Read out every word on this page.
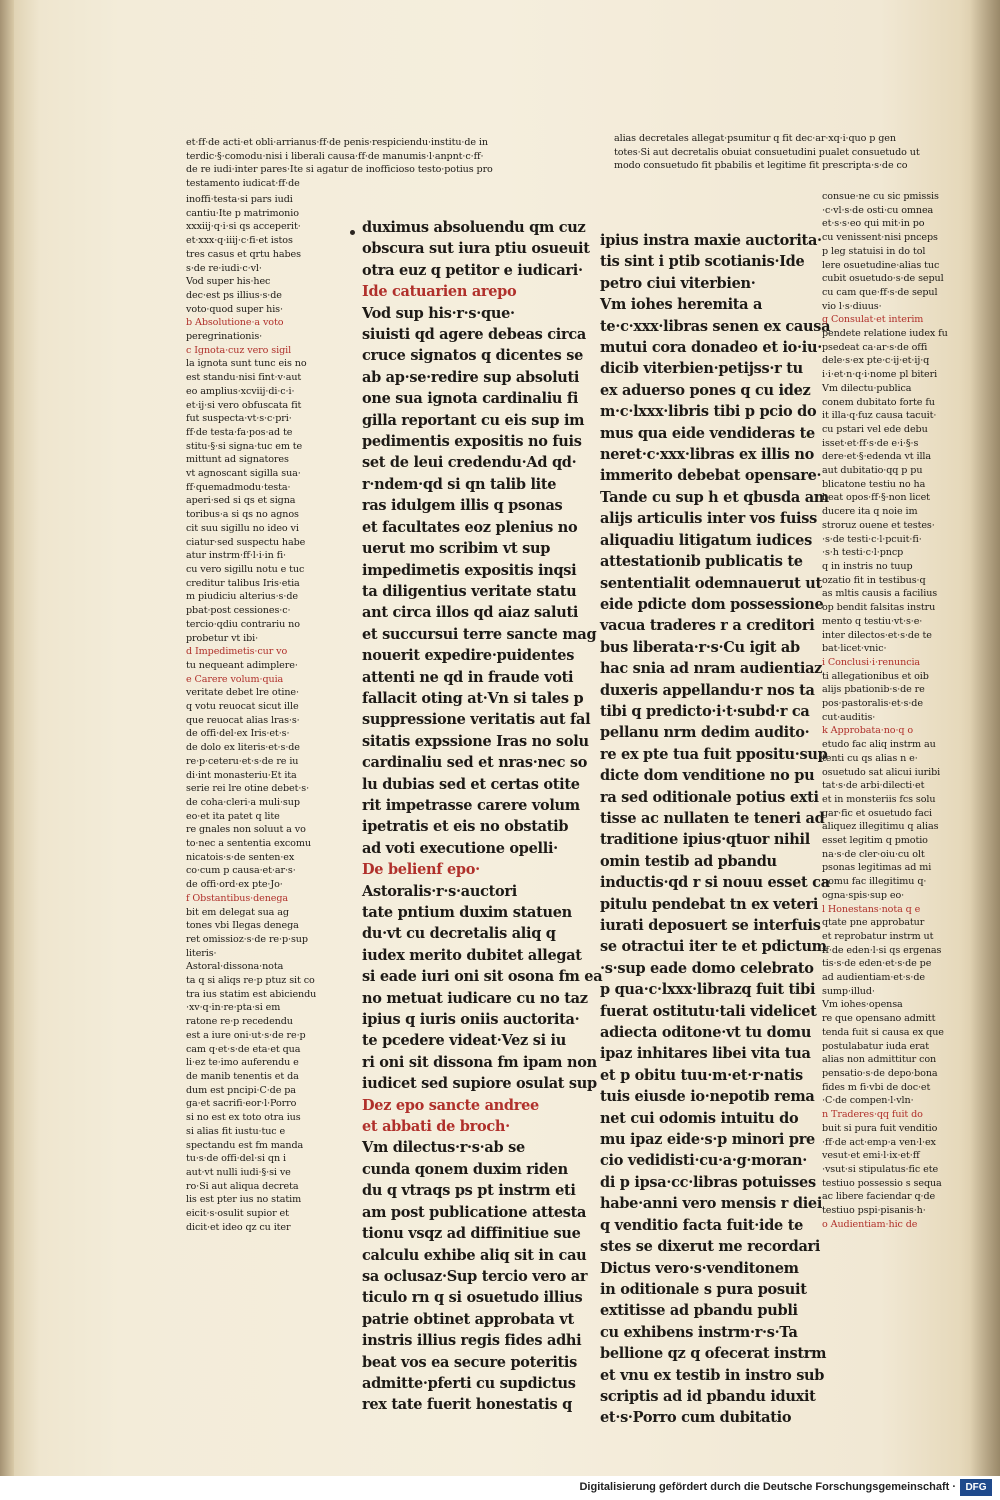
et·ff·de acti·et obli·arrianus·ff·de penis·respiciendu·institu·de in

terdic·§·comodu·nisi i liberali causa·ff·de manumis·l·anpnt·c·ff·

de re iudi·inter pares·Ite si agatur de inofficioso testo·potius pro

testamento iudicat·ff·de

alias decretales allegat·psumitur q fit dec·ar·xq·i·quo p gen

totes·Si aut decretalis obuiat consuetudini pualet consuetudo ut

modo consuetudo fit pbabilis et legitime fit prescripta·s·de co

inoffi·testa·si pars iudi

cantiu·Ite p matrimonio

xxxiij·q·i·si qs acceperit·

et·xxx·q·iiij·c·fi·et istos

tres casus et qrtu habes

s·de re·iudi·c·vl·

Vod super his·hec

dec·est ps illius·s·de

voto·quod super his·

b Absolutione·a voto

peregrinationis·

c Ignota·cuz vero sigil

la ignota sunt tunc eis no

est standu·nisi fint·v·aut

eo amplius·xcviij·di·c·i·

et·ij·si vero obfuscata fit

fut suspecta·vt·s·c·pri·

ff·de testa·fa·pos·ad te

stitu·§·si signa·tuc em te

mittunt ad signatores

vt agnoscant sigilla sua·

ff·quemadmodu·testa·

aperi·sed si qs et signa

toribus·a si qs no agnos

cit suu sigillu no ideo vi

ciatur·sed suspectu habe

atur instrm·ff·l·i·in fi·

cu vero sigillu notu e tuc

creditur talibus Iris·etia

m piudiciu alterius·s·de

pbat·post cessiones·c·

tercio·qdiu contrariu no

probetur vt ibi·

d Impedimetis·cur vo

tu nequeant adimplere·

e Carere volum·quia

veritate debet lre otine·

q votu reuocat sicut ille

que reuocat alias lras·s·

de offi·del·ex Iris·et·s·

de dolo ex literis·et·s·de

re·p·ceteru·et·s·de re iu

di·int monasteriu·Et ita

serie rei lre otine debet·s·

de coha·cleri·a muli·sup

eo·et ita patet q lite

re gnales non soluut a vo

to·nec a sententia excomu

nicatois·s·de senten·ex

co·cum p causa·et·ar·s·

de offi·ord·ex pte·Jo·

f Obstantibus·denega

bit em delegat sua ag

tones vbi Ilegas denega

ret omissioz·s·de re·p·sup

literis·

Astoral·dissona·nota

ta q si aliqs re·p ptuz sit co

tra ius statim est abiciendu

·xv·q·in·re·pta·si em

ratone re·p recedendu

est a iure oni·ut·s·de re·p

cam q·et·s·de eta·et qua

li·ez te·imo auferendu e

de manib tenentis et da

dum est pncipi·C·de pa

ga·et sacrifi·eor·l·Porro

si no est ex toto otra ius

si alias fit iustu·tuc e

spectandu est fm manda

tu·s·de offi·del·si qn i

aut·vt nulli iudi·§·si ve

ro·Si aut aliqua decreta

lis est pter ius no statim

eicit·s·osulit supior et

dicit·et ideo qz cu iter

duximus absoluendu qm cuz

obscura sut iura ptiu osueuit

otra euz q petitor e iudicari·

Ide catuarien arepo

Vod sup his·r·s·que·

siuisti qd agere debeas circa

cruce signatos q dicentes se

ab ap·se·redire sup absoluti

one sua ignota cardinaliu fi

gilla reportant cu eis sup im

pedimentis expositis no fuis

set de leui credendu·Ad qd·

r·ndem·qd si qn talib lite

ras idulgem illis q psonas

et facultates eoz plenius no

uerut mo scribim vt sup

impedimetis expositis inqsi

ta diligentius veritate statu

ant circa illos qd aiaz saluti

et succursui terre sancte mag

nouerit expedire·puidentes

attenti ne qd in fraude voti

fallacit oting at·Vn si tales p

suppressione veritatis aut fal

sitatis expssione Iras no solu

cardinaliu sed et nras·nec so

lu dubias sed et certas otite

rit impetrasse carere volum

ipetratis et eis no obstatib

ad voti executione opelli·

De belienf epo·

Astoralis·r·s·auctori

tate pntium duxim statuen

du·vt cu decretalis aliq q

iudex merito dubitet allegat

si eade iuri oni sit osona fm ea

no metuat iudicare cu no taz

ipius q iuris oniis auctorita·

te pcedere videat·Vez si iu

ri oni sit dissona fm ipam non

iudicet sed supiore osulat sup

Dez epo sancte andree

et abbati de broch·

Vm dilectus·r·s·ab se

cunda qonem duxim riden

du q vtraqs ps pt instrm eti

am post publicatione attesta

tionu vsqz ad diffinitiue sue

calculu exhibe aliq sit in cau

sa oclusaz·Sup tercio vero ar

ticulo rn q si osuetudo illius

patrie obtinet approbata vt

instris illius regis fides adhi

beat vos ea secure poteritis

admitte·pferti cu supdictus

rex tate fuerit honestatis q

ipius instra maxie auctorita·

tis sint i ptib scotianis·Ide

petro ciui viterbien·

Vm iohes heremita a

te·c·xxx·libras senen ex causa

mutui cora donadeo et io·iu·

dicib viterbien·petijss·r tu

ex aduerso pones q cu idez

m·c·lxxx·libris tibi p pcio do

mus qua eide vendideras te

neret·c·xxx·libras ex illis no

immerito debebat opensare·

Tande cu sup h et qbusda am

alijs articulis inter vos fuiss

aliquadiu litigatum iudices

attestationib publicatis te

sententialit odemnauerut ut

eide pdicte dom possessione

vacua traderes r a creditori

bus liberata·r·s·Cu igit ab

hac snia ad nram audientiaz

duxeris appellandu·r nos ta

tibi q predicto·i·t·subd·r ca

pellanu nrm dedim audito·

re ex pte tua fuit ppositu·sup

dicte dom venditione no pu

ra sed oditionale potius exti

tisse ac nullaten te teneri ad

traditione ipius·qtuor nihil

omin testib ad pbandu

inductis·qd r si nouu esset ca

pitulu pendebat tn ex veteri

iurati deposuert se interfuis

se otractui iter te et pdictum

·s·sup eade domo celebrato

p qua·c·lxxx·librazq fuit tibi

fuerat ostitutu·tali videlicet

adiecta oditone·vt tu domu

ipaz inhitares libei vita tua

et p obitu tuu·m·et·r·natis

tuis eiusde io·nepotib rema

net cui odomis intuitu do

mu ipaz eide·s·p minori pre

cio vedidisti·cu·a·g·moran·

di p ipsa·cc·libras potuisses

habe·anni vero mensis r diei

q venditio facta fuit·ide te

stes se dixerut me recordari

Dictus vero·s·venditonem

in oditionale s pura posuit

extitisse ad pbandu publi

cu exhibens instrm·r·s·Ta

bellione qz q ofecerat instrm

et vnu ex testib in instro sub

scriptis ad id pbandu iduxit

et·s·Porro cum dubitatio

consue·ne cu sic pmissis

·c·vl·s·de osti·cu omnea

et·s·s·eo qui mit·in po

cu venissent·nisi pnceps

p leg statuisi in do tol

lere osuetudine·alias tuc

cubit osuetudo·s·de sepul

cu cam que·ff·s·de sepul

vio l·s·diuus·

g Consulat·et interim

pendete relatione iudex fu

psedeat ca·ar·s·de offi

dele·s·ex pte·c·ij·et·ij·q

i·i·et·n·q·i·nome pl biteri

Vm dilectu·publica

conem dubitato forte fu

it illa·q·fuz causa tacuit·

cu pstari vel ede debu

isset·et·ff·s·de e·i·§·s

dere·et·§·edenda vt illa

aut dubitatio·qq p pu

blicatone testiu no ha

beat opos·ff·§·non licet

ducere ita q noie im

stroruz ouene et testes·

·s·de testi·c·l·pcuit·fi·

·s·h testi·c·l·pncp

q in instris no tuup

ozatio fit in testibus·q

as mltis causis a facilius

op bendit falsitas instru

mento q testiu·vt·s·e·

inter dilectos·et·s·de te

bat·licet·vnic·

i Conclusi·i·renuncia

ti allegationibus et oib

alijs pbationib·s·de re

pos·pastoralis·et·s·de

cut·auditis·

k Approbata·no·q o

etudo fac aliq instrm au

tenti cu qs alias n e·

osuetudo sat alicui iuribi

tat·s·de arbi·dilecti·et

et in monsteriis fcs solu

gar·fic et osuetudo faci

aliquez illegitimu q alias

esset legitim q pmotio

na·s·de cler·oiu·cu olt

psonas legitimas ad mi

nomu fac illegitimu q·

ogna·spis·sup eo·

l Honestans·nota q e

qtate pne approbatur

et reprobatur instrm ut

ff·de eden·l·si qs ergenas

tis·s·de eden·et·s·de pe

ad audientiam·et·s·de

sump·illud·

Vm iohes·opensa

re que opensano admitt

tenda fuit si causa ex que

postulabatur iuda erat

alias non admittitur con

pensatio·s·de depo·bona

fides m fi·vbi de doc·et

·C·de compen·l·vln·

n Traderes·qq fuit do

buit si pura fuit venditio

·ff·de act·emp·a ven·l·ex

vesut·et emi·l·ix·et·ff

·vsut·si stipulatus·fic ete

testiuo possessio s sequa

ac libere faciendar q·de

testiuo pspi·pisanis·h·

o Audientiam·hic de

Digitalisierung gefördert durch die Deutsche Forschungsgemeinschaft · DFG
